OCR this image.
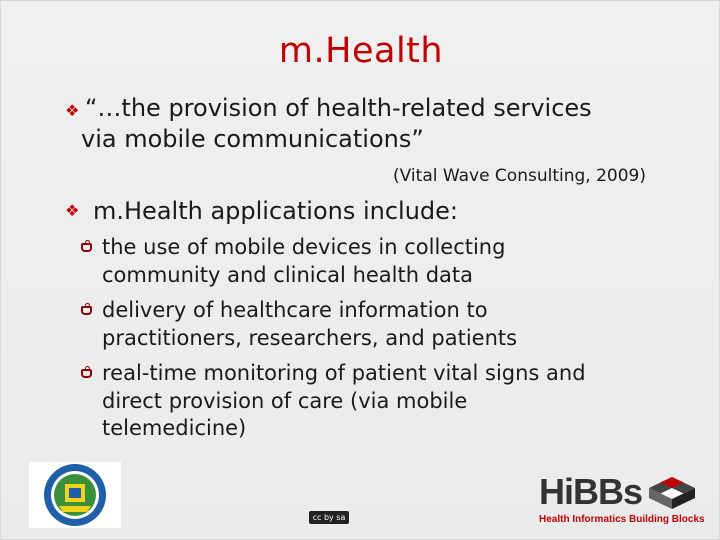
m.Health
❖ “…the provision of health-related services
via mobile communications”
(Vital Wave Consulting, 2009)
❖ m.Health applications include:
the use of mobile devices in collecting
community and clinical health data
delivery of healthcare information to
practitioners, researchers, and patients
real-time monitoring of patient vital signs and
direct provision of care (via mobile
telemedicine)
cc by sa
HiBBs
Health Informatics Building Blocks
